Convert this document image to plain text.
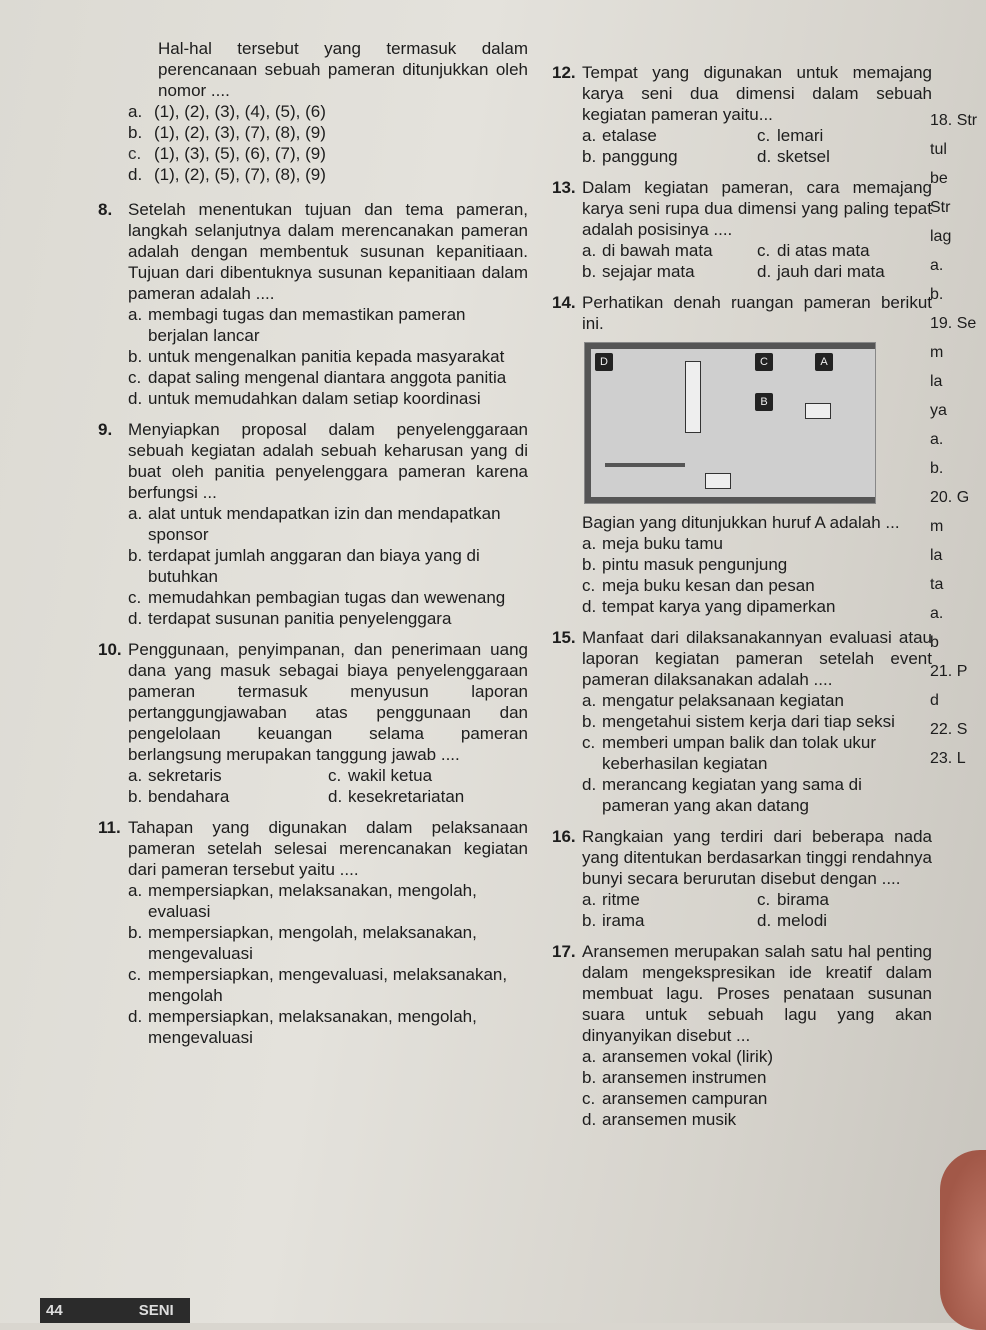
Hal-hal tersebut yang termasuk dalam perencanaan sebuah pameran ditunjukkan oleh nomor ....
a. (1), (2), (3), (4), (5), (6)
b. (1), (2), (3), (7), (8), (9)
c. (1), (3), (5), (6), (7), (9)
d. (1), (2), (5), (7), (8), (9)
8. Setelah menentukan tujuan dan tema pameran, langkah selanjutnya dalam merencanakan pameran adalah dengan membentuk susunan kepanitiaan. Tujuan dari dibentuknya susunan kepanitiaan dalam pameran adalah ....
a. membagi tugas dan memastikan pameran berjalan lancar
b. untuk mengenalkan panitia kepada masyarakat
c. dapat saling mengenal diantara anggota panitia
d. untuk memudahkan dalam setiap koordinasi
9. Menyiapkan proposal dalam penyelenggaraan sebuah kegiatan adalah sebuah keharusan yang di buat oleh panitia penyelenggara pameran karena berfungsi ...
a. alat untuk mendapatkan izin dan mendapatkan sponsor
b. terdapat jumlah anggaran dan biaya yang di butuhkan
c. memudahkan pembagian tugas dan wewenang
d. terdapat susunan panitia penyelenggara
10. Penggunaan, penyimpanan, dan penerimaan uang dana yang masuk sebagai biaya penyelenggaraan pameran termasuk menyusun laporan pertanggungjawaban atas penggunaan dan pengelolaan keuangan selama pameran berlangsung merupakan tanggung jawab ....
a. sekretaris	c. wakil ketua
b. bendahara	d. kesekretariatan
11. Tahapan yang digunakan dalam pelaksanaan pameran setelah selesai merencanakan kegiatan dari pameran tersebut yaitu ....
a. mempersiapkan, melaksanakan, mengolah, evaluasi
b. mempersiapkan, mengolah, melaksanakan, mengevaluasi
c. mempersiapkan, mengevaluasi, melaksanakan, mengolah
d. mempersiapkan, melaksanakan, mengolah, mengevaluasi
12. Tempat yang digunakan untuk memajang karya seni dua dimensi dalam sebuah kegiatan pameran yaitu...
a. etalase	c. lemari
b. panggung	d. sketsel
13. Dalam kegiatan pameran, cara memajang karya seni rupa dua dimensi yang paling tepat adalah posisinya ....
a. di bawah mata	c. di atas mata
b. sejajar mata	d. jauh dari mata
14. Perhatikan denah ruangan pameran berikut ini.
D	C	A
B
Bagian yang ditunjukkan huruf A adalah ...
a. meja buku tamu
b. pintu masuk pengunjung
c. meja buku kesan dan pesan
d. tempat karya yang dipamerkan
15. Manfaat dari dilaksanakannyan evaluasi atau laporan kegiatan pameran setelah event pameran dilaksanakan adalah ....
a. mengatur pelaksanaan kegiatan
b. mengetahui sistem kerja dari tiap seksi
c. memberi umpan balik dan tolak ukur keberhasilan kegiatan
d. merancang kegiatan yang sama di pameran yang akan datang
16. Rangkaian yang terdiri dari beberapa nada yang ditentukan berdasarkan tinggi rendahnya bunyi secara berurutan disebut dengan ....
a. ritme	c. birama
b. irama	d. melodi
17. Aransemen merupakan salah satu hal penting dalam mengekspresikan ide kreatif dalam membuat lagu. Proses penataan susunan suara untuk sebuah lagu yang akan dinyanyikan disebut ...
a. aransemen vokal (lirik)
b. aransemen instrumen
c. aransemen campuran
d. aransemen musik
18. Str
tul
be
Str
lag
a.
b.
19. Se
m
la
ya
a.
b.
20. G
m
la
ta
a.
b
21. P
d
22. S
23. L
44	SENI
